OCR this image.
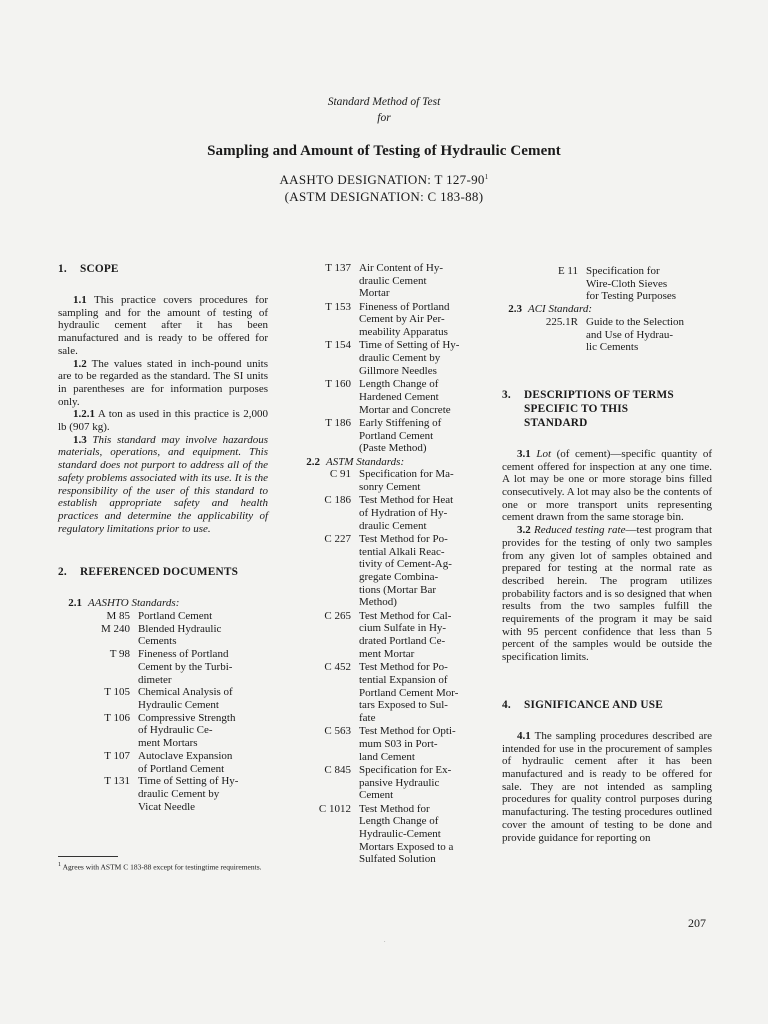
Standard Method of Test
for
Sampling and Amount of Testing of Hydraulic Cement
AASHTO DESIGNATION: T $127-90^1$
(ASTM DESIGNATION: C 183-88)
1.	SCOPE
1.1 This practice covers procedures for sampling and for the amount of testing of hydraulic cement after it has been manufactured and is ready to be offered for sale.
1.2 The values stated in inch-pound units are to be regarded as the standard. The SI units in parentheses are for information purposes only.
1.2.1 A ton as used in this practice is 2,000 lb (907 kg).
1.3 This standard may involve hazardous materials, operations, and equipment. This standard does not purport to address all of the safety problems associated with its use. It is the responsibility of the user of this standard to establish appropriate safety and health practices and determine the applicability of regulatory limitations prior to use.
2.	REFERENCED DOCUMENTS
2.1 AASHTO Standards:
M 85 Portland Cement
M 240 Blended Hydraulic
Cements
T 98 Fineness of Portland
Cement by the Turbi-
dimeter
T 105 Chemical Analysis of
Hydraulic Cement
T 106 Compressive Strength
of Hydraulic Ce-
ment Mortars
T 107 Autoclave Expansion
of Portland Cement
T 131 Time of Setting of Hy-
draulic Cement by
Vicat Needle
T 137 Air Content of Hy-
draulic Cement
Mortar
T 153 Fineness of Portland
Cement by Air Per-
meability Apparatus
T 154 Time of Setting of Hy-
draulic Cement by
Gillmore Needles
T 160 Length Change of
Hardened Cement
Mortar and Concrete
T 186 Early Stiffening of
Portland Cement
(Paste Method)
2.2 ASTM Standards:
C 91 Specification for Ma-
sonry Cement
C 186 Test Method for Heat
of Hydration of Hy-
draulic Cement
C 227 Test Method for Po-
tential Alkali Reac-
tivity of Cement-Ag-
gregate Combina-
tions (Mortar Bar
Method)
C 265 Test Method for Cal-
cium Sulfate in Hy-
drated Portland Ce-
ment Mortar
C 452 Test Method for Po-
tential Expansion of
Portland Cement Mor-
tars Exposed to Sul-
fate
C 563 Test Method for Opti-
mum S03 in Port-
land Cement
C 845 Specification for Ex-
pansive Hydraulic
Cement
C 1012 Test Method for
Length Change of
Hydraulic-Cement
Mortars Exposed to a
Sulfated Solution
E 11 Specification for
Wire-Cloth Sieves
for Testing Purposes
2.3 ACI Standard:
225.1R Guide to the Selection
and Use of Hydrau-
lic Cements
3.	DESCRIPTIONS OF TERMS
SPECIFIC TO THIS
STANDARD
3.1 Lot (of cement)—specific quantity of cement offered for inspection at any one time. A lot may be one or more storage bins filled consecutively. A lot may also be the contents of one or more transport units representing cement drawn from the same storage bin.
3.2 Reduced testing rate—test program that provides for the testing of only two samples from any given lot of samples obtained and prepared for testing at the normal rate as described herein. The program utilizes probability factors and is so designed that when results from the two samples fulfill the requirements of the program it may be said with 95 percent confidence that less than 5 percent of the samples would be outside the specification limits.
4.	SIGNIFICANCE AND USE
4.1 The sampling procedures described are intended for use in the procurement of samples of hydraulic cement after it has been manufactured and is ready to be offered for sale. They are not intended as sampling procedures for quality control purposes during manufacturing. The testing procedures outlined cover the amount of testing to be done and provide guidance for reporting on
$^1$ Agrees with ASTM C 183-88 except for testingtime requirements.
207
.
